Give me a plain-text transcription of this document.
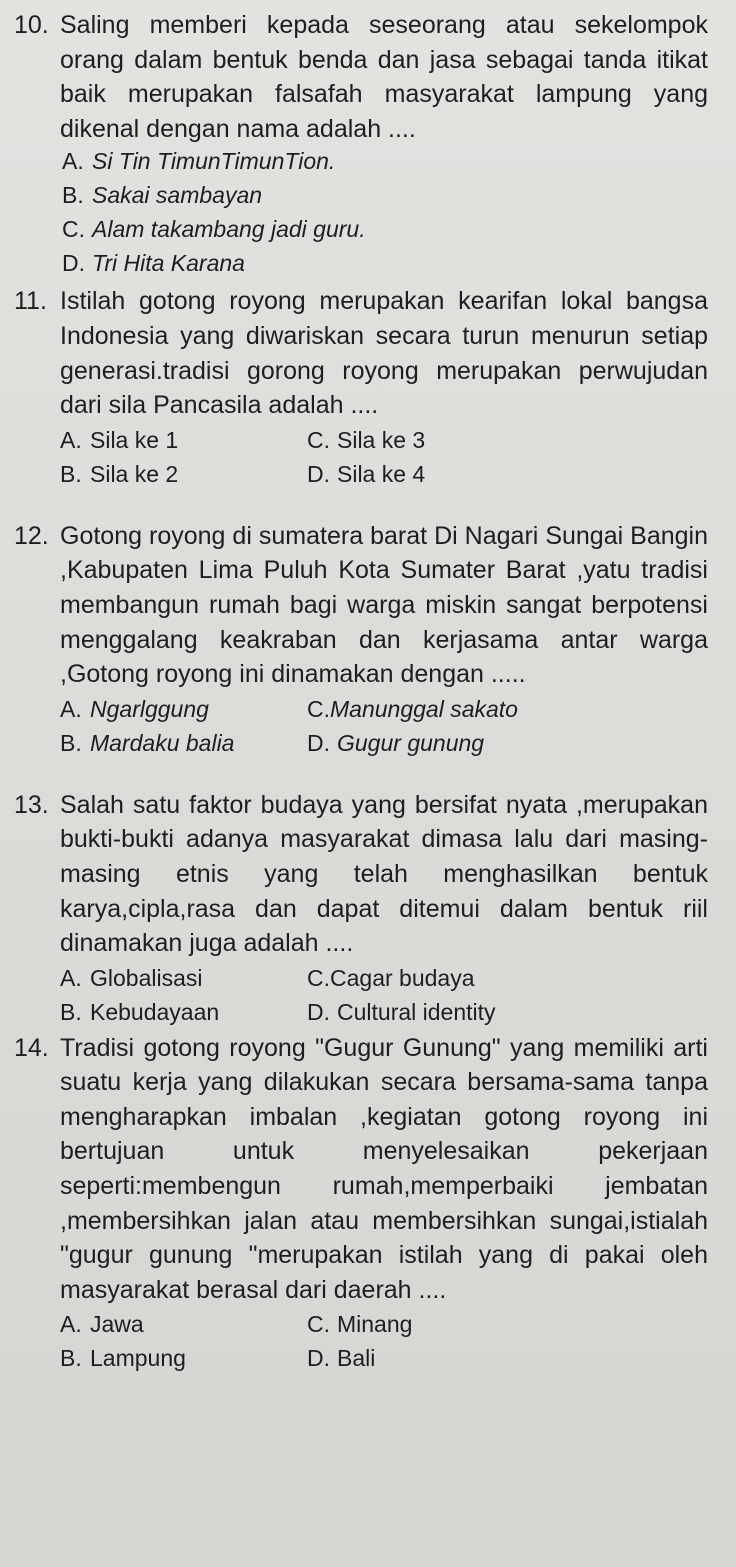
10. Saling memberi kepada seseorang atau sekelompok orang dalam bentuk benda dan jasa sebagai tanda itikat baik merupakan falsafah masyarakat lampung yang dikenal dengan nama adalah ....
A. Si Tin TimunTimunTion.
B. Sakai sambayan
C. Alam takambang jadi guru.
D. Tri Hita Karana
11. Istilah gotong royong merupakan kearifan lokal bangsa Indonesia yang diwariskan secara turun menurun setiap generasi.tradisi gorong royong merupakan perwujudan dari sila Pancasila adalah ....
A. Sila ke 1	C. Sila ke 3
B. Sila ke 2	D. Sila ke 4
12. Gotong royong di sumatera barat Di Nagari Sungai Bangin ,Kabupaten Lima Puluh Kota Sumater Barat ,yatu tradisi membangun rumah bagi warga miskin sangat berpotensi menggalang keakraban dan kerjasama antar warga ,Gotong royong ini dinamakan dengan .....
A. Ngarlggung	C.Manunggal sakato
B. Mardaku balia	D. Gugur gunung
13. Salah satu faktor budaya yang bersifat nyata ,merupakan bukti-bukti adanya masyarakat dimasa lalu dari masing-masing etnis yang telah menghasilkan bentuk karya,cipla,rasa dan dapat ditemui dalam bentuk riil dinamakan juga adalah ....
A. Globalisasi	C.Cagar budaya
B. Kebudayaan	D. Cultural identity
14. Tradisi gotong royong "Gugur Gunung" yang memiliki arti suatu kerja yang dilakukan secara bersama-sama tanpa mengharapkan imbalan ,kegiatan gotong royong ini bertujuan untuk menyelesaikan pekerjaan seperti:membengun rumah,memperbaiki jembatan ,membersihkan jalan atau membersihkan sungai,istialah "gugur gunung "merupakan istilah yang di pakai oleh masyarakat berasal dari daerah ....
A. Jawa	C. Minang
B. Lampung	D. Bali
